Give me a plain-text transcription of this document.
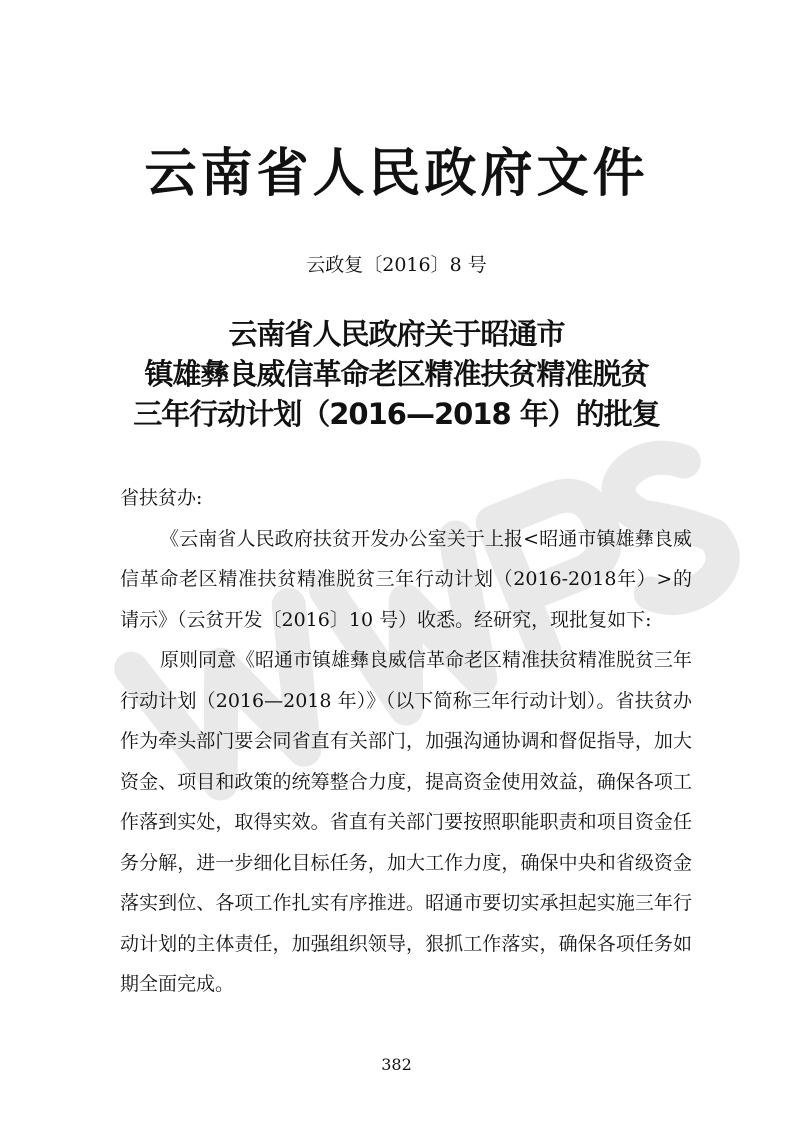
云南省人民政府文件
云政复〔2016〕8 号
云南省人民政府关于昭通市
镇雄彝良威信革命老区精准扶贫精准脱贫
三年行动计划（2016—2018 年）的批复

省扶贫办:

《云南省人民政府扶贫开发办公室关于上报<昭通市镇雄彝良威信革命老区精准扶贫精准脱贫三年行动计划（2016-2018年）>的请示》（云贫开发〔2016〕10 号）收悉。经研究，现批复如下:

原则同意《昭通市镇雄彝良威信革命老区精准扶贫精准脱贫三年行动计划（2016—2018 年）》（以下简称三年行动计划）。省扶贫办作为牵头部门要会同省直有关部门，加强沟通协调和督促指导，加大资金、项目和政策的统筹整合力度，提高资金使用效益，确保各项工作落到实处，取得实效。省直有关部门要按照职能职责和项目资金任务分解，进一步细化目标任务，加大工作力度，确保中央和省级资金落实到位、各项工作扎实有序推进。昭通市要切实承担起实施三年行动计划的主体责任，加强组织领导，狠抓工作落实，确保各项任务如期全面完成。

382
